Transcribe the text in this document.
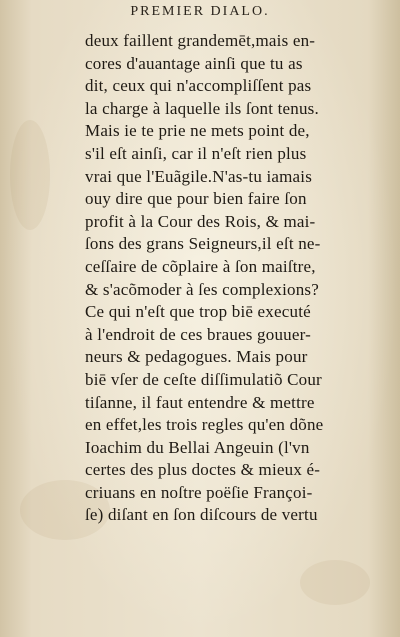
PREMIER DIALO.
deux faillent grandemēt,mais en-
cores d'auantage ainſi que tu as
dit, ceux qui n'accompliſſent pas
la charge à laquelle ils ſont tenus.
Mais ie te prie ne mets point de,
s'il eſt ainſi, car il n'eſt rien plus
vrai que l'Euãgile.N'as-tu iamais
ouy dire que pour bien faire ſon
profit à la Cour des Rois, & mai-
ſons des grans Seigneurs,il eſt ne-
ceſſaire de cõplaire à ſon maiſtre,
& s'acõmoder à ſes complexions?
Ce qui n'eſt que trop biē executé
à l'endroit de ces braues gouuer-
neurs & pedagogues. Mais pour
biē vſer de ceſte diſſimulatiõ Cour
tiſanne, il faut entendre & mettre
en effet,les trois regles qu'en dõne
Ioachim du Bellai Angeuin (l'vn
certes des plus doctes & mieux é-
criuans en noſtre poëſie Françoi-
ſe) diſant en ſon diſcours de vertu
